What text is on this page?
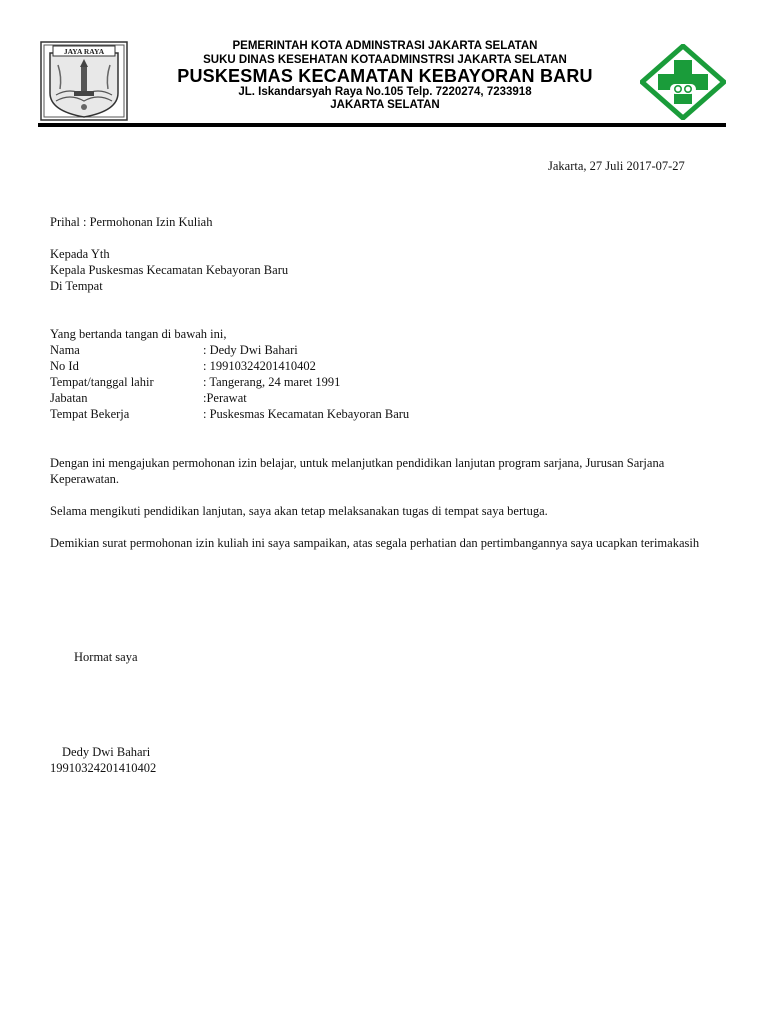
JAYA RAYA	PEMERINTAH KOTA ADMINSTRASI JAKARTA SELATAN
SUKU DINAS KESEHATAN KOTAADMINSTRSI JAKARTA SELATAN
PUSKESMAS KECAMATAN KEBAYORAN BARU
JL. Iskandarsyah Raya No.105 Telp. 7220274, 7233918
JAKARTA SELATAN
Jakarta, 27 Juli 2017-07-27
Prihal : Permohonan Izin Kuliah
Kepada Yth
Kepala Puskesmas Kecamatan Kebayoran Baru
Di Tempat
Yang bertanda tangan di bawah ini,
Nama	: Dedy Dwi Bahari
No Id	: 19910324201410402
Tempat/tanggal lahir	: Tangerang, 24 maret 1991
Jabatan	:Perawat
Tempat Bekerja	: Puskesmas Kecamatan Kebayoran Baru
Dengan ini mengajukan permohonan izin belajar, untuk melanjutkan pendidikan lanjutan program sarjana, Jurusan Sarjana Keperawatan.
Selama mengikuti pendidikan lanjutan, saya akan tetap melaksanakan tugas di tempat saya bertuga.
Demikian surat permohonan izin kuliah ini saya sampaikan, atas segala perhatian dan pertimbangannya saya ucapkan terimakasih
Hormat saya
Dedy Dwi Bahari
19910324201410402
